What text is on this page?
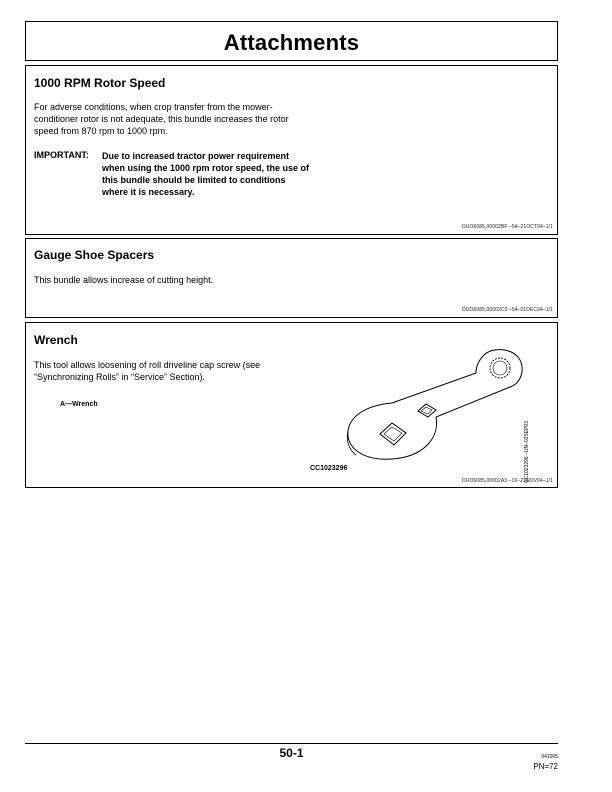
Attachments
1000 RPM Rotor Speed
For adverse conditions, when crop transfer from the mower-conditioner rotor is not adequate, this bundle increases the rotor speed from 870 rpm to 1000 rpm.
IMPORTANT: Due to increased tractor power requirement when using the 1000 rpm rotor speed, the use of this bundle should be limited to conditions where it is necessary.
OUO6085,00002BF –54–21OCT04–1/1
Gauge Shoe Spacers
This bundle allows increase of cutting height.
OUO6085,00002C0 –54–01DEC04–1/1
Wrench
This tool allows loosening of roll driveline cap screw (see “Synchronizing Rolls” in “Service” Section).
A—Wrench
CC1023296	CC1023296 –UN–03SEP03
OUO6085,00002A3 –19–23NOV04–1/1
50-1	041005
PN=72
